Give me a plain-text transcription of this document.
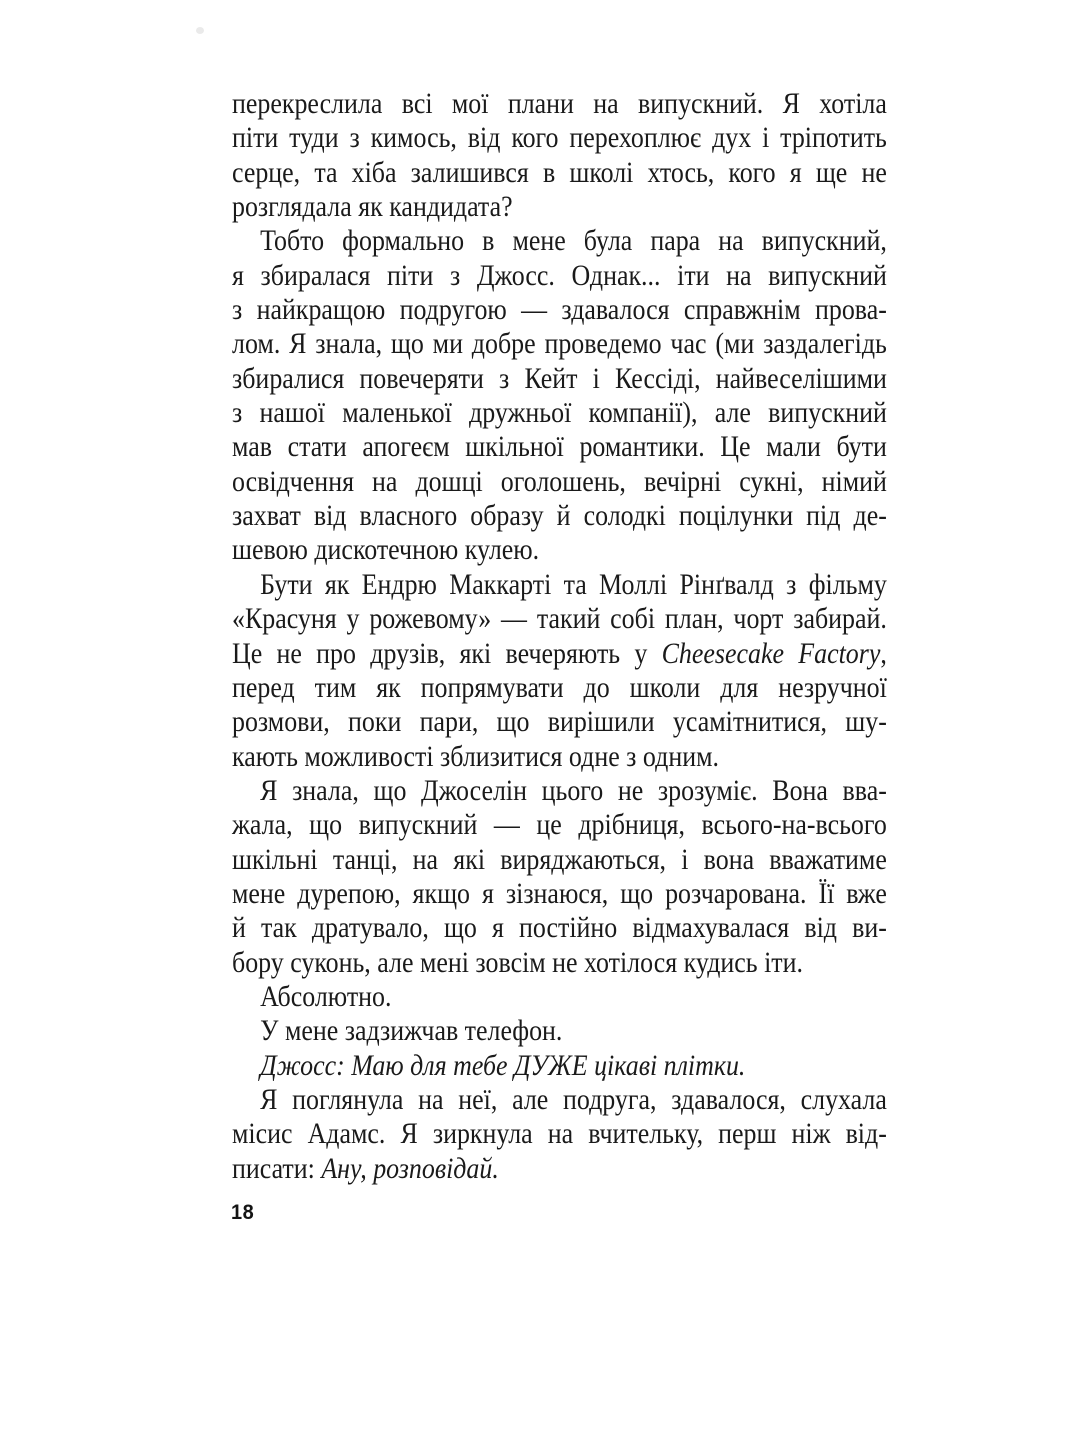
перекреслила всі мої плани на випускний. Я хотіла
піти туди з кимось, від кого перехоплює дух і тріпотить
серце, та хіба залишився в школі хтось, кого я ще не
розглядала як кандидата?
Тобто формально в мене була пара на випускний,
я збиралася піти з Джосс. Однак... іти на випускний
з найкращою подругою — здавалося справжнім прова-
лом. Я знала, що ми добре проведемо час (ми заздалегідь
збиралися повечеряти з Кейт і Кессіді, найвеселішими
з нашої маленької дружньої компанії), але випускний
мав стати апогеєм шкільної романтики. Це мали бути
освідчення на дошці оголошень, вечірні сукні, німий
захват від власного образу й солодкі поцілунки під де-
шевою дискотечною кулею.
Бути як Ендрю Маккарті та Моллі Рінґвалд з фільму
«Красуня у рожевому» — такий собі план, чорт забирай.
Це не про друзів, які вечеряють у Cheesecake Factory,
перед тим як попрямувати до школи для незручної
розмови, поки пари, що вирішили усамітнитися, шу-
кають можливості зблизитися одне з одним.
Я знала, що Джоселін цього не зрозуміє. Вона вва-
жала, що випускний — це дрібниця, всього-на-всього
шкільні танці, на які виряджаються, і вона вважатиме
мене дурепою, якщо я зізнаюся, що розчарована. Її вже
й так дратувало, що я постійно відмахувалася від ви-
бору суконь, але мені зовсім не хотілося кудись іти.
Абсолютно.
У мене задзижчав телефон.
Джосс: Маю для тебе ДУЖЕ цікаві плітки.
Я поглянула на неї, але подруга, здавалося, слухала
місис Адамс. Я зиркнула на вчительку, перш ніж від-
писати: Ану, розповідай.
18
